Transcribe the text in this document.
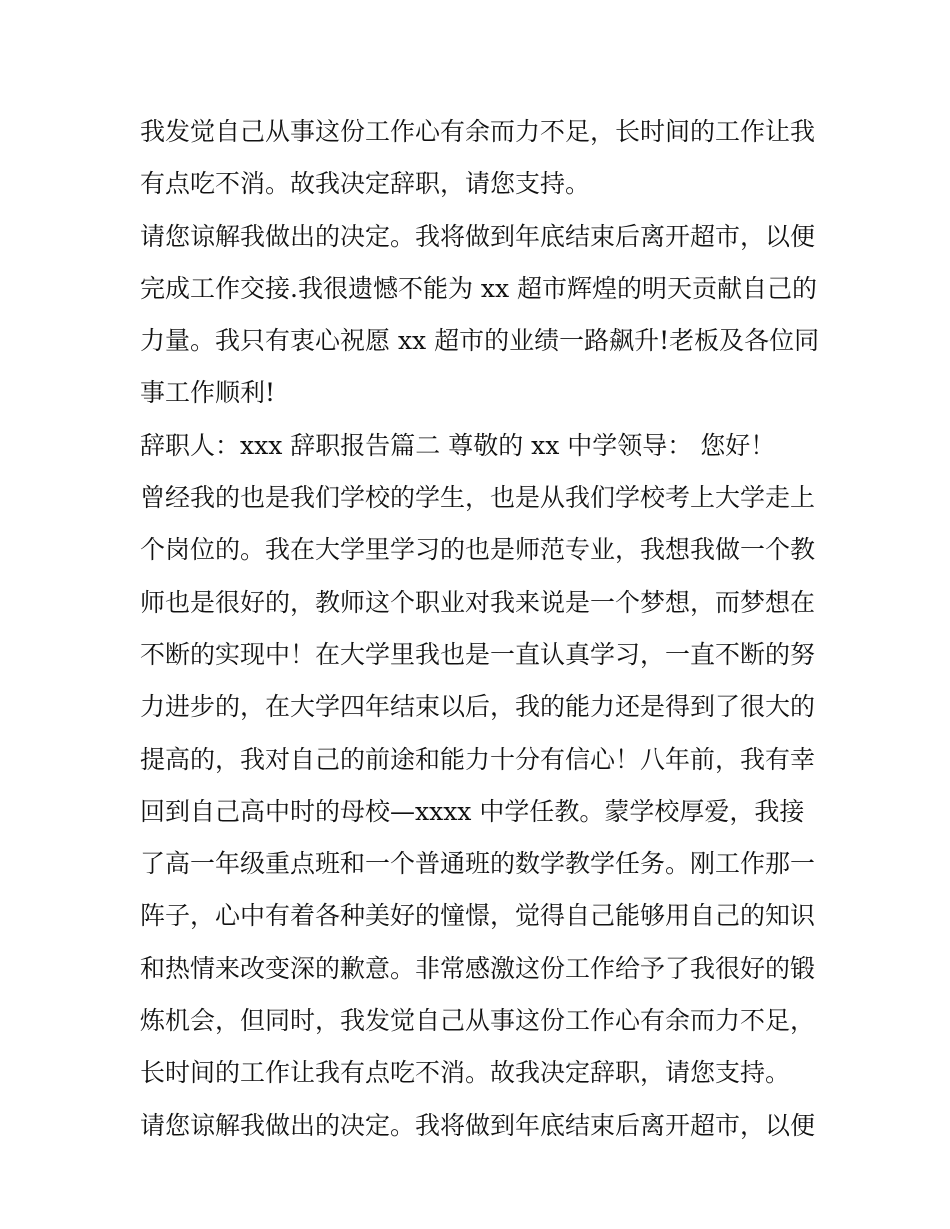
我发觉自己从事这份工作心有余而力不足，长时间的工作让我
有点吃不消。故我决定辞职，请您支持。
请您谅解我做出的决定。我将做到年底结束后离开超市，以便
完成工作交接.我很遗憾不能为 xx 超市辉煌的明天贡献自己的
力量。我只有衷心祝愿 xx 超市的业绩一路飙升!老板及各位同
事工作顺利!
辞职人：xxx 辞职报告篇二 尊敬的 xx 中学领导： 您好！
曾经我的也是我们学校的学生，也是从我们学校考上大学走上
个岗位的。我在大学里学习的也是师范专业，我想我做一个教
师也是很好的，教师这个职业对我来说是一个梦想，而梦想在
不断的实现中！在大学里我也是一直认真学习，一直不断的努
力进步的，在大学四年结束以后，我的能力还是得到了很大的
提高的，我对自己的前途和能力十分有信心！八年前，我有幸
回到自己高中时的母校—xxxx 中学任教。蒙学校厚爱，我接
了高一年级重点班和一个普通班的数学教学任务。刚工作那一
阵子，心中有着各种美好的憧憬，觉得自己能够用自己的知识
和热情来改变深的歉意。非常感激这份工作给予了我很好的锻
炼机会，但同时，我发觉自己从事这份工作心有余而力不足，
长时间的工作让我有点吃不消。故我决定辞职，请您支持。
请您谅解我做出的决定。我将做到年底结束后离开超市，以便
